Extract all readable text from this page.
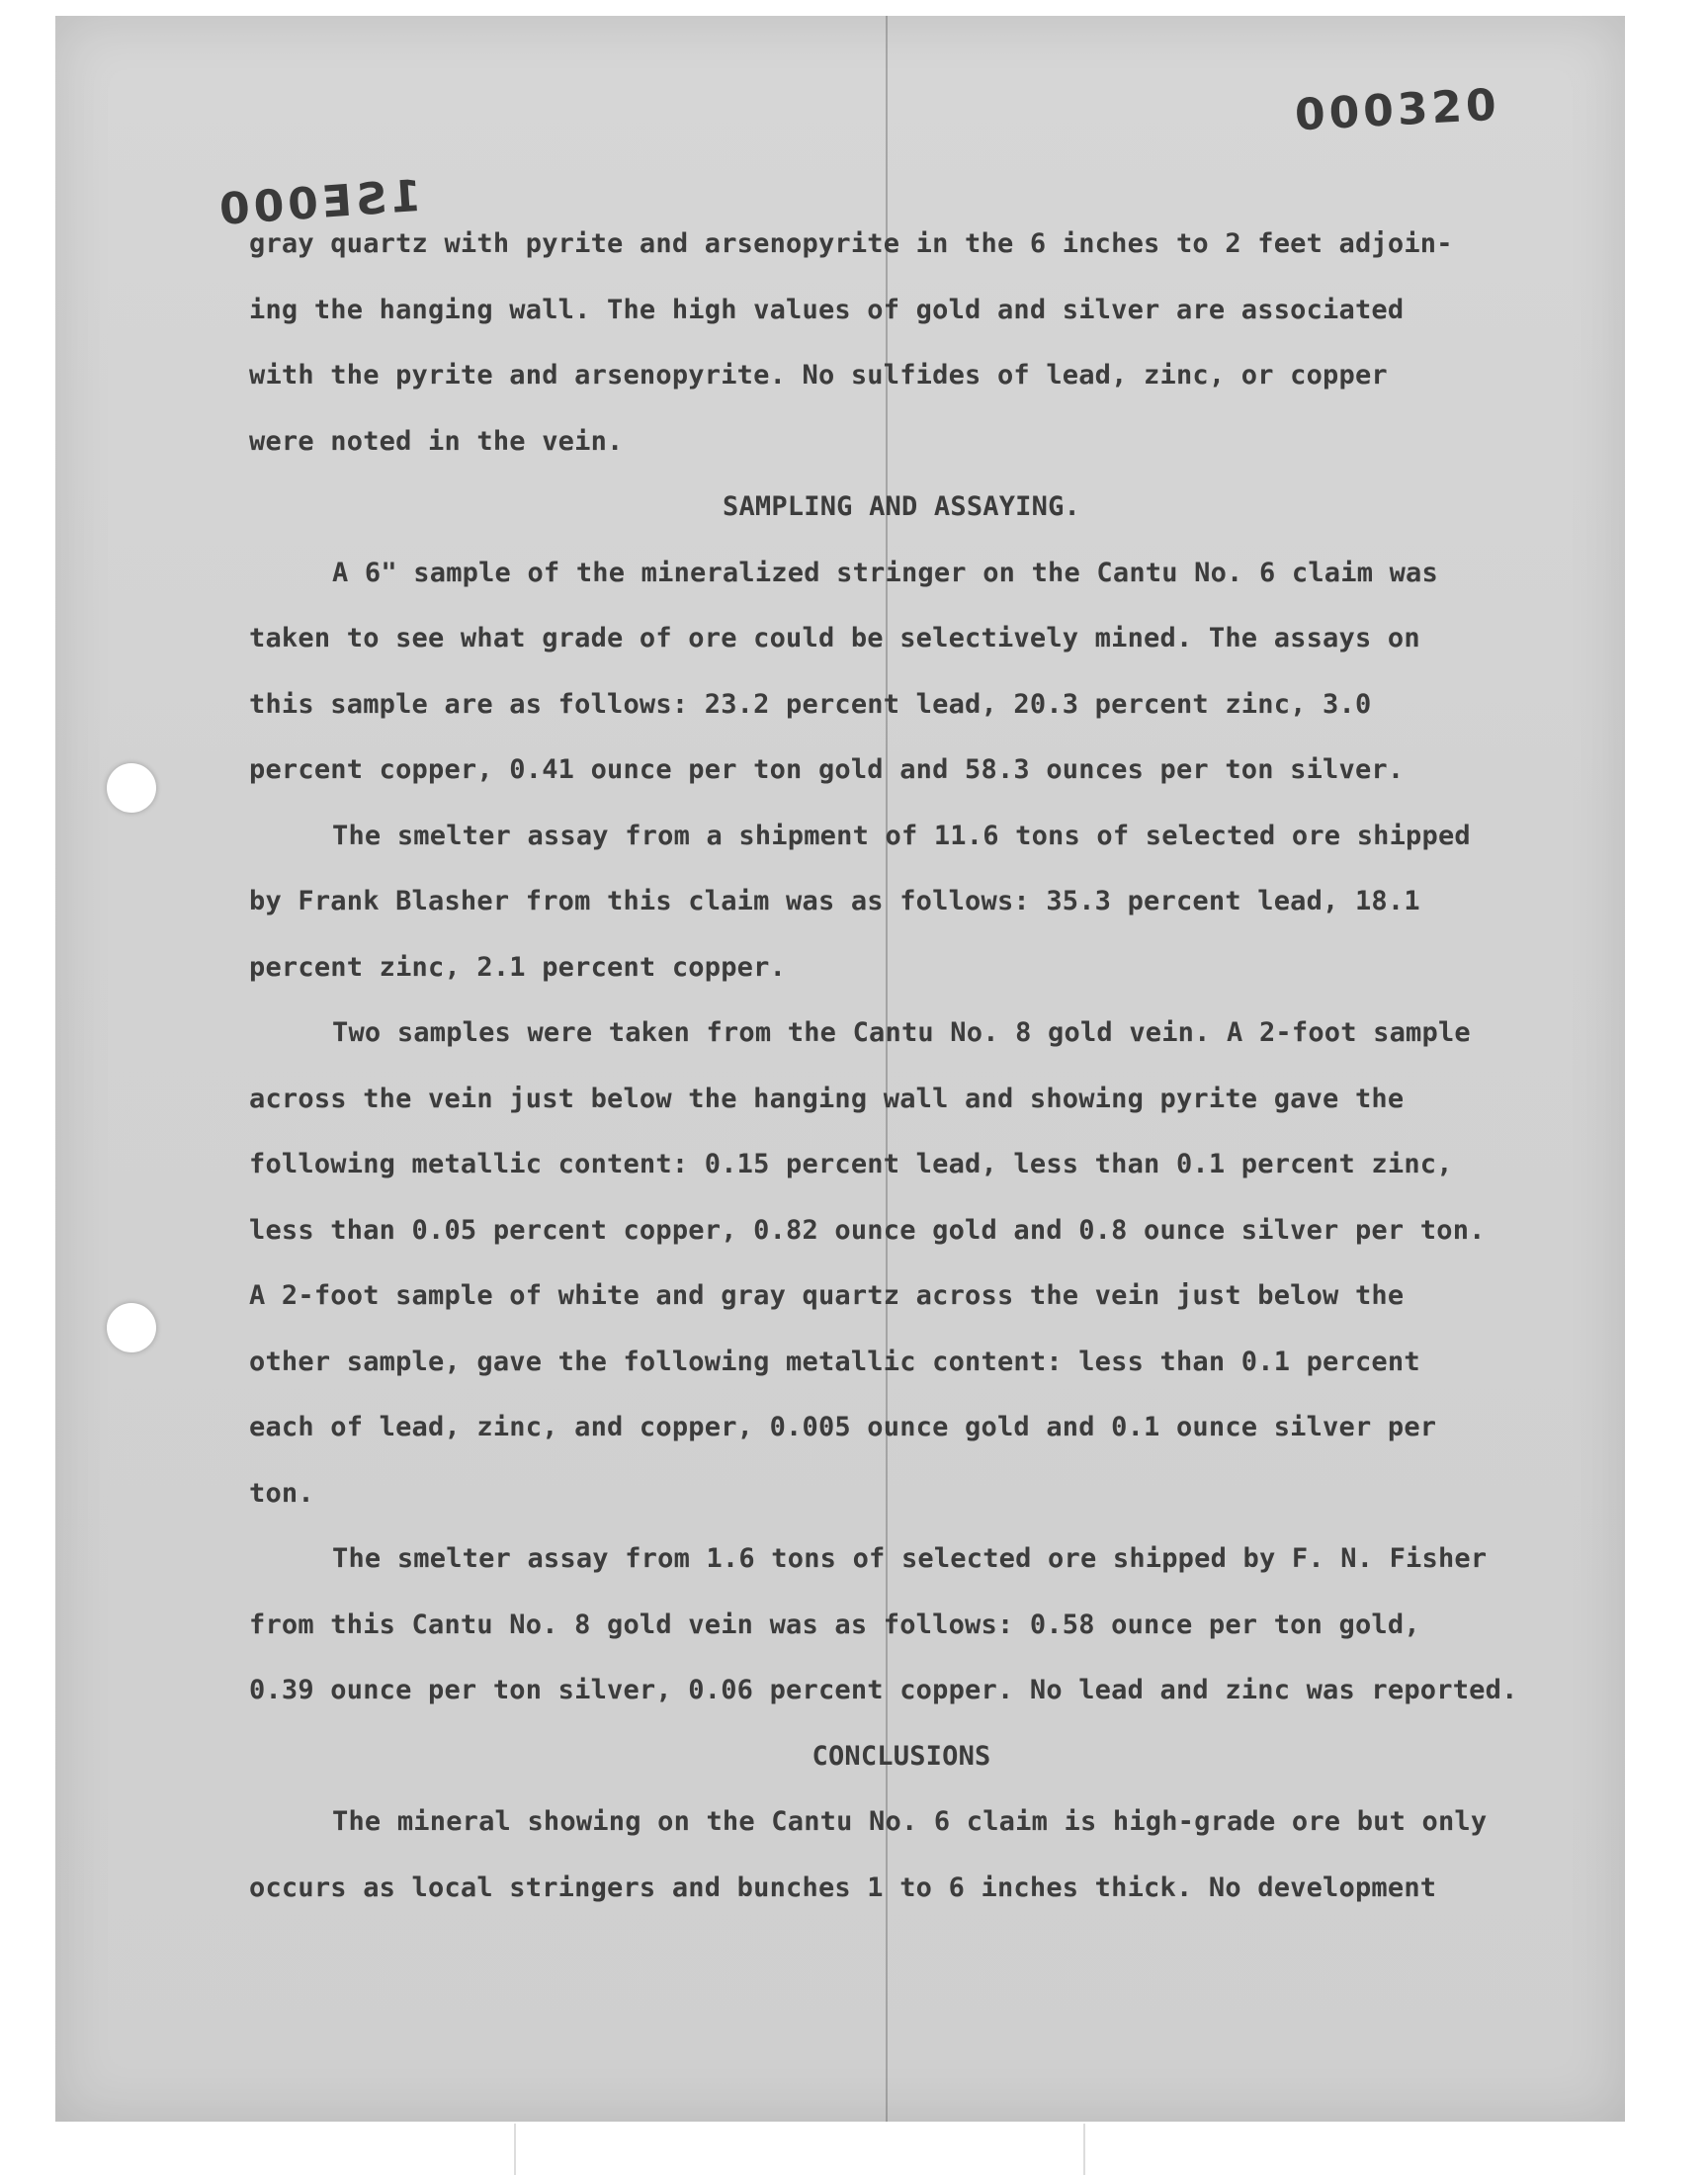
000320
1SE000
gray quartz with pyrite and arsenopyrite in the 6 inches to 2 feet adjoin-
ing the hanging wall. The high values of gold and silver are associated
with the pyrite and arsenopyrite. No sulfides of lead, zinc, or copper
were noted in the vein.
SAMPLING AND ASSAYING.
A 6" sample of the mineralized stringer on the Cantu No. 6 claim was
taken to see what grade of ore could be selectively mined. The assays on
this sample are as follows: 23.2 percent lead, 20.3 percent zinc, 3.0
percent copper, 0.41 ounce per ton gold and 58.3 ounces per ton silver.
The smelter assay from a shipment of 11.6 tons of selected ore shipped
by Frank Blasher from this claim was as follows: 35.3 percent lead, 18.1
percent zinc, 2.1 percent copper.
Two samples were taken from the Cantu No. 8 gold vein. A 2-foot sample
across the vein just below the hanging wall and showing pyrite gave the
following metallic content: 0.15 percent lead, less than 0.1 percent zinc,
less than 0.05 percent copper, 0.82 ounce gold and 0.8 ounce silver per ton.
A 2-foot sample of white and gray quartz across the vein just below the
other sample, gave the following metallic content: less than 0.1 percent
each of lead, zinc, and copper, 0.005 ounce gold and 0.1 ounce silver per
ton.
The smelter assay from 1.6 tons of selected ore shipped by F. N. Fisher
from this Cantu No. 8 gold vein was as follows: 0.58 ounce per ton gold,
0.39 ounce per ton silver, 0.06 percent copper. No lead and zinc was reported.
CONCLUSIONS
The mineral showing on the Cantu No. 6 claim is high-grade ore but only
occurs as local stringers and bunches 1 to 6 inches thick. No development
